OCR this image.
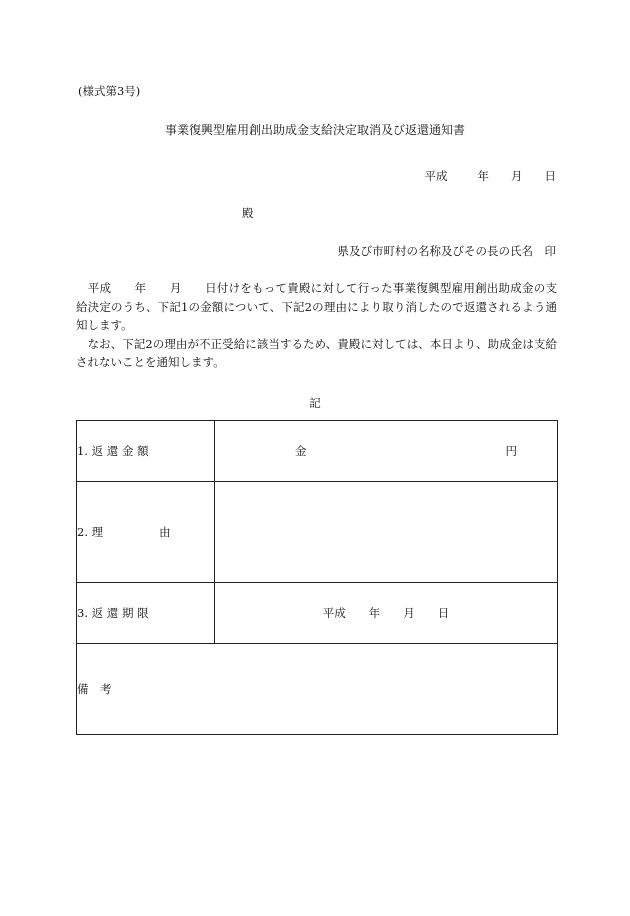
(様式第3号)
事業復興型雇用創出助成金支給決定取消及び返還通知書
平成	年 月 日
殿
県及び市町村の名称及びその長の氏名　印

　平成　　年　　月　　日付けをもって貴殿に対して行った事業復興型雇用創出助成金の支給決定のうち、下記1の金額について、下記2の理由により取り消したので返還されるよう通知します。

　なお、下記2の理由が不正受給に該当するため、貴殿に対しては、本日より、助成金は支給されないことを通知します。

記
1. 返 還 金 額	金 円

2. 理 由	
3. 返 還 期 限	平成　　年　　月　　日
備　考	
